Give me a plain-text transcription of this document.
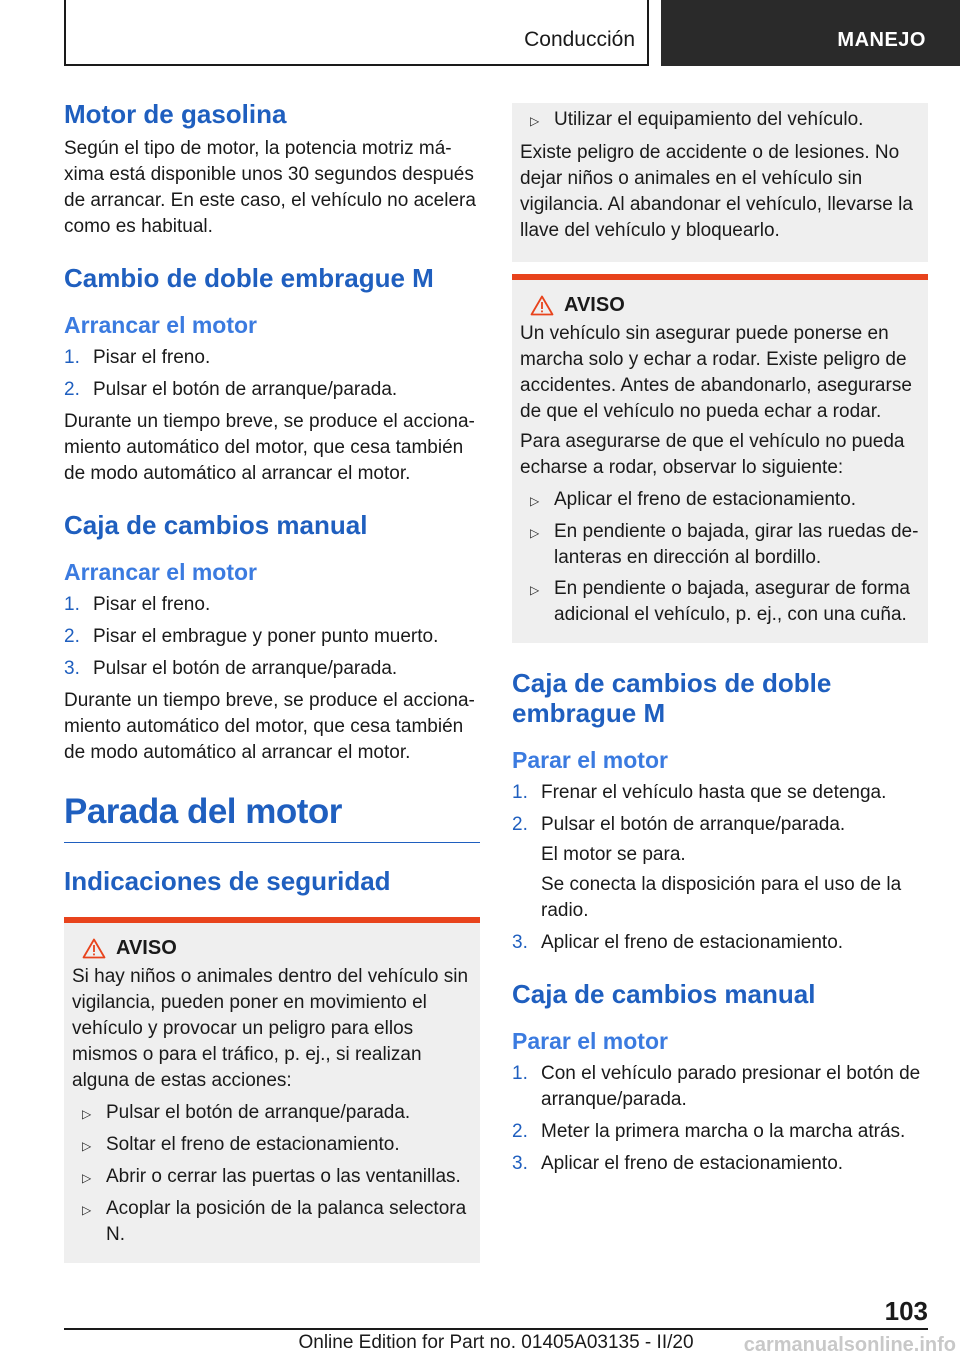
Conducción	MANEJO
Motor de gasolina

Según el tipo de motor, la potencia motriz máxima está disponible unos 30 segundos después de arrancar. En este caso, el vehículo no acelera como es habitual.

Cambio de doble embrague M
Arrancar el motor
1. Pisar el freno.
2. Pulsar el botón de arranque/parada.

Durante un tiempo breve, se produce el accionamiento automático del motor, que cesa también de modo automático al arrancar el motor.

Caja de cambios manual
Arrancar el motor
1. Pisar el freno.
2. Pisar el embrague y poner punto muerto.
3. Pulsar el botón de arranque/parada.

Durante un tiempo breve, se produce el accionamiento automático del motor, que cesa también de modo automático al arrancar el motor.

Parada del motor
Indicaciones de seguridad
AVISO

Si hay niños o animales dentro del vehículo sin vigilancia, pueden poner en movimiento el vehículo y provocar un peligro para ellos mismos o para el tráfico, p. ej., si realizan alguna de estas acciones:

▷ Pulsar el botón de arranque/parada.
▷ Soltar el freno de estacionamiento.
▷ Abrir o cerrar las puertas o las ventanillas.
▷ Acoplar la posición de la palanca selectora N.
▷ Utilizar el equipamiento del vehículo.

Existe peligro de accidente o de lesiones. No dejar niños o animales en el vehículo sin vigilancia. Al abandonar el vehículo, llevarse la llave del vehículo y bloquearlo.

AVISO

Un vehículo sin asegurar puede ponerse en marcha solo y echar a rodar. Existe peligro de accidentes. Antes de abandonarlo, asegurarse de que el vehículo no pueda echar a rodar.

Para asegurarse de que el vehículo no pueda echarse a rodar, observar lo siguiente:

▷ Aplicar el freno de estacionamiento.
▷ En pendiente o bajada, girar las ruedas delanteras en dirección al bordillo.
▷ En pendiente o bajada, asegurar de forma adicional el vehículo, p. ej., con una cuña.
Caja de cambios de doble embrague M
Parar el motor
1. Frenar el vehículo hasta que se detenga.
2. Pulsar el botón de arranque/parada.
El motor se para.
Se conecta la disposición para el uso de la radio.
3. Aplicar el freno de estacionamiento.
Caja de cambios manual
Parar el motor
1. Con el vehículo parado presionar el botón de arranque/parada.
2. Meter la primera marcha o la marcha atrás.
3. Aplicar el freno de estacionamiento.
103
Online Edition for Part no. 01405A03135 - II/20	carmanualsonline.info
